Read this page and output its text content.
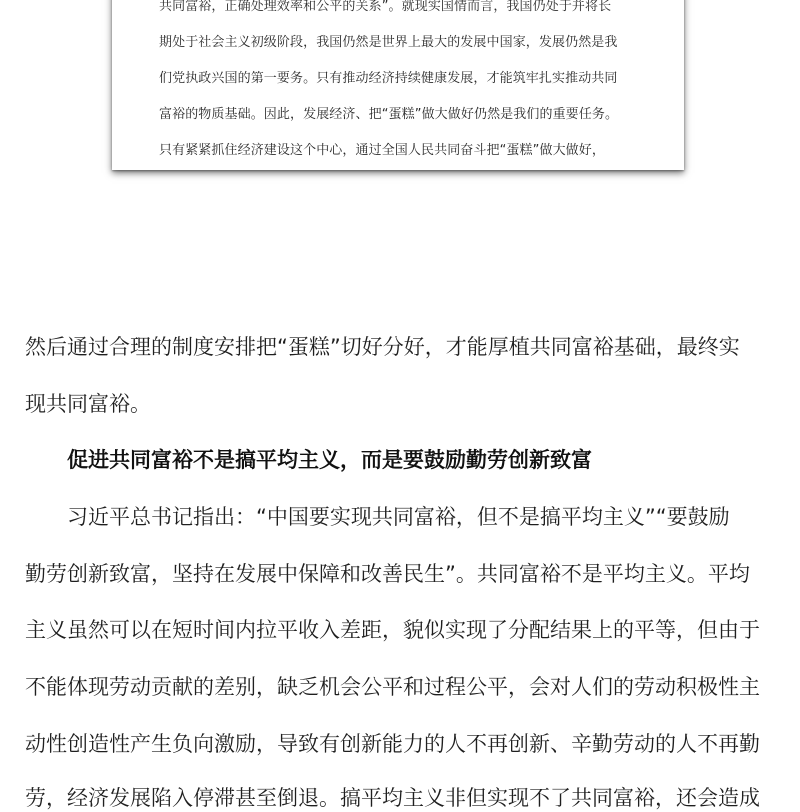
共同富裕，正确处理效率和公平的关系”。就现实国情而言，我国仍处于并将长
期处于社会主义初级阶段，我国仍然是世界上最大的发展中国家，发展仍然是我
们党执政兴国的第一要务。只有推动经济持续健康发展，才能筑牢扎实推动共同
富裕的物质基础。因此，发展经济、把“蛋糕”做大做好仍然是我们的重要任务。
只有紧紧抓住经济建设这个中心，通过全国人民共同奋斗把“蛋糕”做大做好，
然后通过合理的制度安排把“蛋糕”切好分好，才能厚植共同富裕基础，最终实
现共同富裕。
促进共同富裕不是搞平均主义，而是要鼓励勤劳创新致富
习近平总书记指出：“中国要实现共同富裕，但不是搞平均主义”“要鼓励
勤劳创新致富，坚持在发展中保障和改善民生”。共同富裕不是平均主义。平均
主义虽然可以在短时间内拉平收入差距，貌似实现了分配结果上的平等，但由于
不能体现劳动贡献的差别，缺乏机会公平和过程公平，会对人们的劳动积极性主
动性创造性产生负向激励，导致有创新能力的人不再创新、辛勤劳动的人不再勤
劳，经济发展陷入停滞甚至倒退。搞平均主义非但实现不了共同富裕，还会造成
